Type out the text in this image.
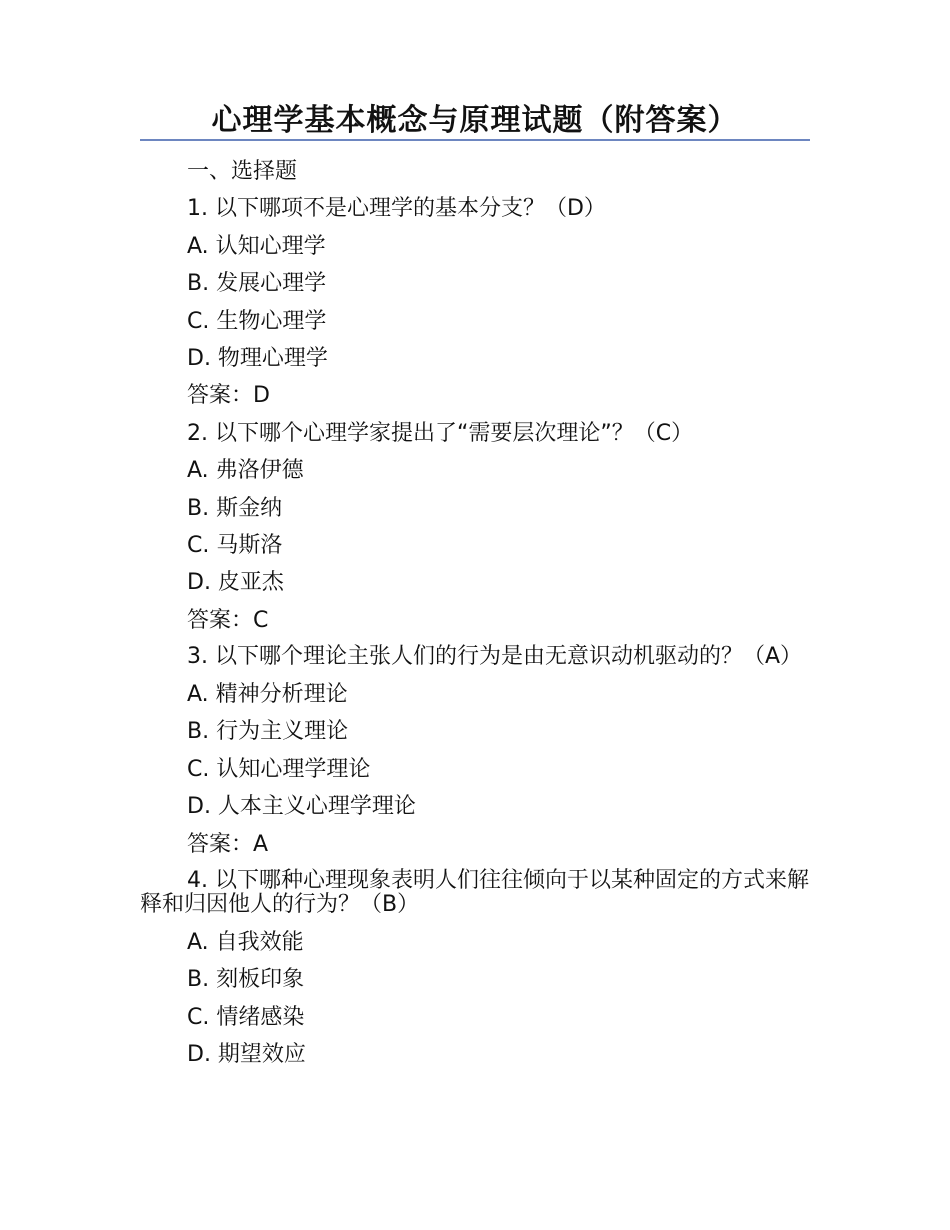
心理学基本概念与原理试题（附答案）
一、选择题
1. 以下哪项不是心理学的基本分支？（D）
A. 认知心理学
B. 发展心理学
C. 生物心理学
D. 物理心理学
答案：D
2. 以下哪个心理学家提出了“需要层次理论”？（C）
A. 弗洛伊德
B. 斯金纳
C. 马斯洛
D. 皮亚杰
答案：C
3. 以下哪个理论主张人们的行为是由无意识动机驱动的？（A）
A. 精神分析理论
B. 行为主义理论
C. 认知心理学理论
D. 人本主义心理学理论
答案：A
4. 以下哪种心理现象表明人们往往倾向于以某种固定的方式来解释和归因他人的行为？（B）
A. 自我效能
B. 刻板印象
C. 情绪感染
D. 期望效应
